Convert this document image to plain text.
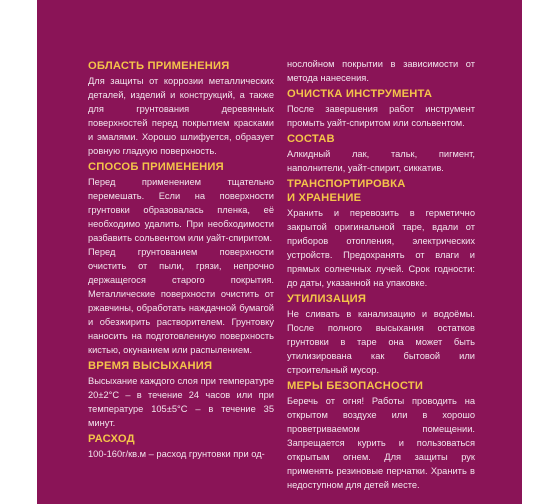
ОБЛАСТЬ ПРИМЕНЕНИЯ

Для защиты от коррозии металлических деталей, изделий и конструкций, а также для грунтования деревянных поверхностей перед покрытием красками и эмалями. Хорошо шлифуется, образует ровную гладкую поверхность.

СПОСОБ ПРИМЕНЕНИЯ

Перед применением тщательно перемешать. Если на поверхности грунтовки образовалась пленка, её необходимо удалить. При необходимости разбавить сольвентом или уайт-спиритом.

Перед грунтованием поверхности очистить от пыли, грязи, непрочно держащегося старого покрытия. Металлические поверхности очистить от ржавчины, обработать наждачной бумагой и обезжирить растворителем. Грунтовку наносить на подготовленную поверхность кистью, окунанием или распылением.

ВРЕМЯ ВЫСЫХАНИЯ

Высыхание каждого слоя при температуре 20±2°С – в течение 24 часов или при температуре 105±5°С – в течение 35 минут.

РАСХОД

100-160г/кв.м – расход грунтовки при од-

нослойном покрытии в зависимости от метода нанесения.

ОЧИСТКА ИНСТРУМЕНТА

После завершения работ инструмент промыть уайт-спиритом или сольвентом.

СОСТАВ

Алкидный лак, тальк, пигмент, наполнители, уайт-спирит, сиккатив.

ТРАНСПОРТИРОВКА
И ХРАНЕНИЕ

Хранить и перевозить в герметично закрытой оригинальной таре, вдали от приборов отопления, электрических устройств. Предохранять от влаги и прямых солнечных лучей. Срок годности: до даты, указанной на упаковке.

УТИЛИЗАЦИЯ

Не сливать в канализацию и водоёмы. После полного высыхания остатков грунтовки в таре она может быть утилизирована как бытовой или строительный мусор.

МЕРЫ БЕЗОПАСНОСТИ

Беречь от огня! Работы проводить на открытом воздухе или в хорошо проветриваемом помещении. Запрещается курить и пользоваться открытым огнем. Для защиты рук применять резиновые перчатки. Хранить в недоступном для детей месте.
